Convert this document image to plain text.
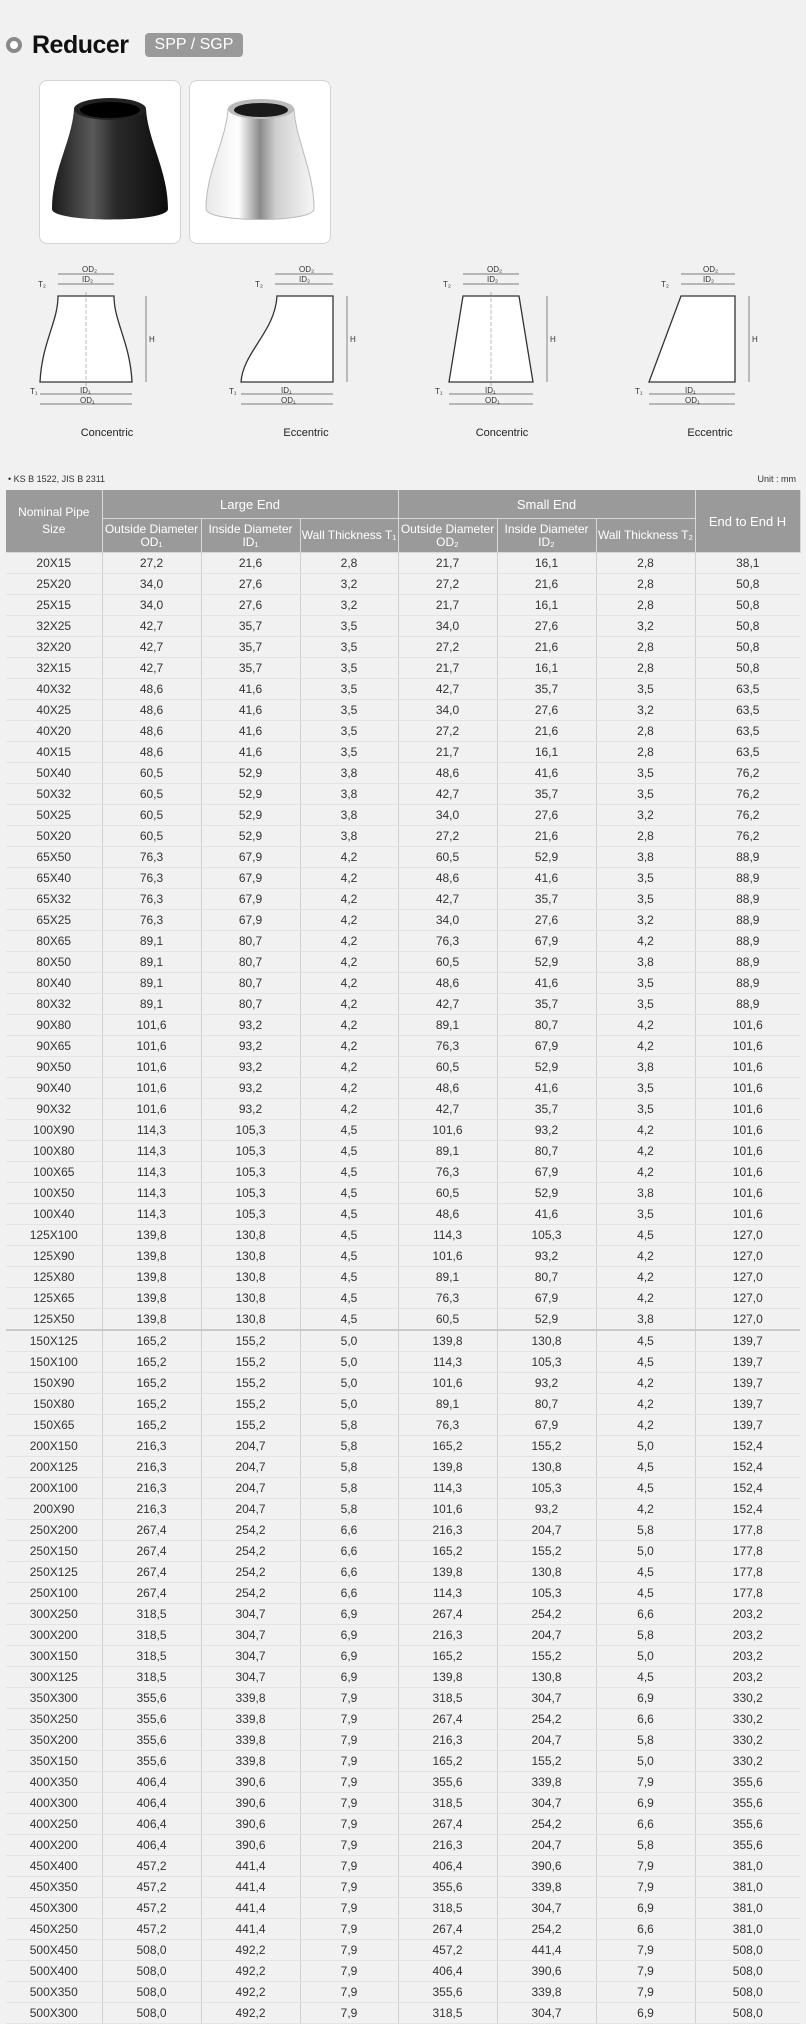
Reducer	SPP / SGP
OD₂
ID₂
T₂
H
T₁	ID₁
OD₁
Concentric
OD₂
ID₂
T₂
H
T₁	ID₁
OD₁
Eccentric
OD₂
ID₂
T₂
H
T₁	ID₁
OD₁
Concentric
OD₂
ID₂
T₂
H
T₁	ID₁
OD₁
Eccentric
• KS B 1522, JIS B 2311	Unit : mm
Nominal Pipe Size	Large End			Small End			End to End H
	Outside Diameter OD₁	Inside Diameter ID₁	Wall Thickness T₁	Outside Diameter OD₂	Inside Diameter ID₂	Wall Thickness T₂	
20X15	27,2	21,6	2,8	21,7	16,1	2,8	38,1
25X20	34,0	27,6	3,2	27,2	21,6	2,8	50,8
25X15	34,0	27,6	3,2	21,7	16,1	2,8	50,8
32X25	42,7	35,7	3,5	34,0	27,6	3,2	50,8
32X20	42,7	35,7	3,5	27,2	21,6	2,8	50,8
32X15	42,7	35,7	3,5	21,7	16,1	2,8	50,8
40X32	48,6	41,6	3,5	42,7	35,7	3,5	63,5
40X25	48,6	41,6	3,5	34,0	27,6	3,2	63,5
40X20	48,6	41,6	3,5	27,2	21,6	2,8	63,5
40X15	48,6	41,6	3,5	21,7	16,1	2,8	63,5
50X40	60,5	52,9	3,8	48,6	41,6	3,5	76,2
50X32	60,5	52,9	3,8	42,7	35,7	3,5	76,2
50X25	60,5	52,9	3,8	34,0	27,6	3,2	76,2
50X20	60,5	52,9	3,8	27,2	21,6	2,8	76,2
65X50	76,3	67,9	4,2	60,5	52,9	3,8	88,9
65X40	76,3	67,9	4,2	48,6	41,6	3,5	88,9
65X32	76,3	67,9	4,2	42,7	35,7	3,5	88,9
65X25	76,3	67,9	4,2	34,0	27,6	3,2	88,9
80X65	89,1	80,7	4,2	76,3	67,9	4,2	88,9
80X50	89,1	80,7	4,2	60,5	52,9	3,8	88,9
80X40	89,1	80,7	4,2	48,6	41,6	3,5	88,9
80X32	89,1	80,7	4,2	42,7	35,7	3,5	88,9
90X80	101,6	93,2	4,2	89,1	80,7	4,2	101,6
90X65	101,6	93,2	4,2	76,3	67,9	4,2	101,6
90X50	101,6	93,2	4,2	60,5	52,9	3,8	101,6
90X40	101,6	93,2	4,2	48,6	41,6	3,5	101,6
90X32	101,6	93,2	4,2	42,7	35,7	3,5	101,6
100X90	114,3	105,3	4,5	101,6	93,2	4,2	101,6
100X80	114,3	105,3	4,5	89,1	80,7	4,2	101,6
100X65	114,3	105,3	4,5	76,3	67,9	4,2	101,6
100X50	114,3	105,3	4,5	60,5	52,9	3,8	101,6
100X40	114,3	105,3	4,5	48,6	41,6	3,5	101,6
125X100	139,8	130,8	4,5	114,3	105,3	4,5	127,0
125X90	139,8	130,8	4,5	101,6	93,2	4,2	127,0
125X80	139,8	130,8	4,5	89,1	80,7	4,2	127,0
125X65	139,8	130,8	4,5	76,3	67,9	4,2	127,0
125X50	139,8	130,8	4,5	60,5	52,9	3,8	127,0
150X125	165,2	155,2	5,0	139,8	130,8	4,5	139,7
150X100	165,2	155,2	5,0	114,3	105,3	4,5	139,7
150X90	165,2	155,2	5,0	101,6	93,2	4,2	139,7
150X80	165,2	155,2	5,0	89,1	80,7	4,2	139,7
150X65	165,2	155,2	5,8	76,3	67,9	4,2	139,7
200X150	216,3	204,7	5,8	165,2	155,2	5,0	152,4
200X125	216,3	204,7	5,8	139,8	130,8	4,5	152,4
200X100	216,3	204,7	5,8	114,3	105,3	4,5	152,4
200X90	216,3	204,7	5,8	101,6	93,2	4,2	152,4
250X200	267,4	254,2	6,6	216,3	204,7	5,8	177,8
250X150	267,4	254,2	6,6	165,2	155,2	5,0	177,8
250X125	267,4	254,2	6,6	139,8	130,8	4,5	177,8
250X100	267,4	254,2	6,6	114,3	105,3	4,5	177,8
300X250	318,5	304,7	6,9	267,4	254,2	6,6	203,2
300X200	318,5	304,7	6,9	216,3	204,7	5,8	203,2
300X150	318,5	304,7	6,9	165,2	155,2	5,0	203,2
300X125	318,5	304,7	6,9	139,8	130,8	4,5	203,2
350X300	355,6	339,8	7,9	318,5	304,7	6,9	330,2
350X250	355,6	339,8	7,9	267,4	254,2	6,6	330,2
350X200	355,6	339,8	7,9	216,3	204,7	5,8	330,2
350X150	355,6	339,8	7,9	165,2	155,2	5,0	330,2
400X350	406,4	390,6	7,9	355,6	339,8	7,9	355,6
400X300	406,4	390,6	7,9	318,5	304,7	6,9	355,6
400X250	406,4	390,6	7,9	267,4	254,2	6,6	355,6
400X200	406,4	390,6	7,9	216,3	204,7	5,8	355,6
450X400	457,2	441,4	7,9	406,4	390,6	7,9	381,0
450X350	457,2	441,4	7,9	355,6	339,8	7,9	381,0
450X300	457,2	441,4	7,9	318,5	304,7	6,9	381,0
450X250	457,2	441,4	7,9	267,4	254,2	6,6	381,0
500X450	508,0	492,2	7,9	457,2	441,4	7,9	508,0
500X400	508,0	492,2	7,9	406,4	390,6	7,9	508,0
500X350	508,0	492,2	7,9	355,6	339,8	7,9	508,0
500X300	508,0	492,2	7,9	318,5	304,7	6,9	508,0
